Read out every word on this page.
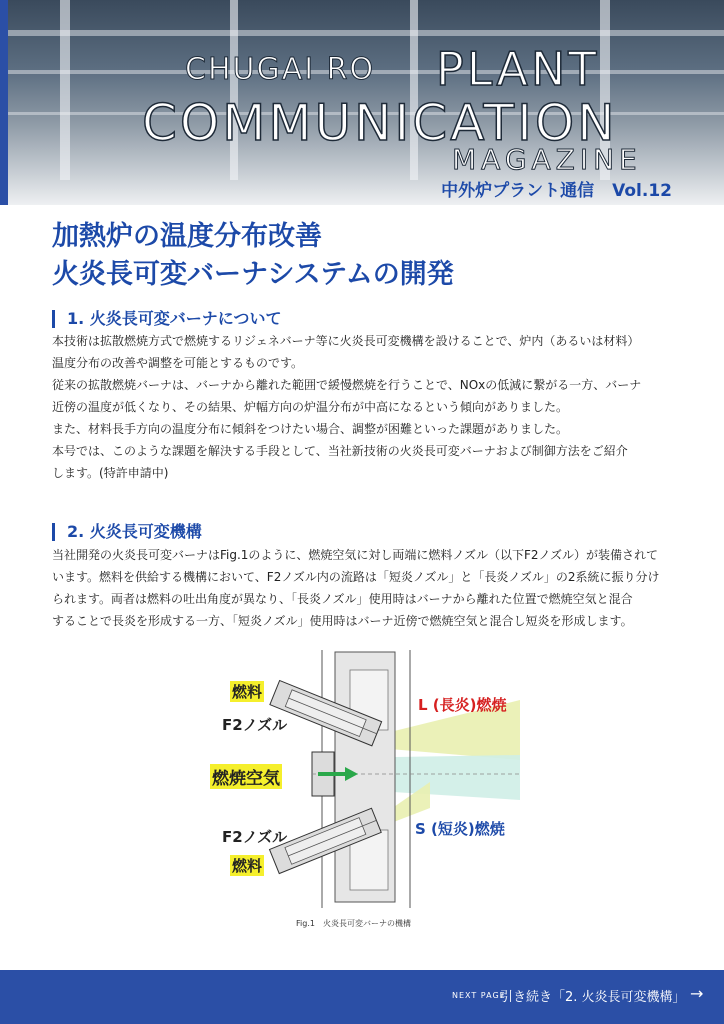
CHUGAI RO PLANT
COMMUNICATION
MAGAZINE
中外炉プラント通信 Vol.12
加熱炉の温度分布改善
火炎長可変バーナシステムの開発
1. 火炎長可変バーナについて

本技術は拡散燃焼方式で燃焼するリジェネバーナ等に火炎長可変機構を設けることで、炉内（あるいは材料）

温度分布の改善や調整を可能とするものです。

従来の拡散燃焼バーナは、バーナから離れた範囲で緩慢燃焼を行うことで、NOxの低減に繋がる一方、バーナ

近傍の温度が低くなり、その結果、炉幅方向の炉温分布が中高になるという傾向がありました。

また、材料長手方向の温度分布に傾斜をつけたい場合、調整が困難といった課題がありました。

本号では、このような課題を解決する手段として、当社新技術の火炎長可変バーナおよび制御方法をご紹介

します。(特許申請中)

2. 火炎長可変機構

当社開発の火炎長可変バーナはFig.1のように、燃焼空気に対し両端に燃料ノズル（以下F2ノズル）が装備されて

います。燃料を供給する機構において、F2ノズル内の流路は「短炎ノズル」と「長炎ノズル」の2系統に振り分け

られます。両者は燃料の吐出角度が異なり、「長炎ノズル」使用時はバーナから離れた位置で燃焼空気と混合

することで長炎を形成する一方、「短炎ノズル」使用時はバーナ近傍で燃焼空気と混合し短炎を形成します。

燃料
F2ノズル
燃焼空気
F2ノズル
燃料
L (長炎)燃焼
S (短炎)燃焼
Fig.1　火炎長可変バーナの機構
NEXT PAGE
引き続き「2. 火炎長可変機構」 →
